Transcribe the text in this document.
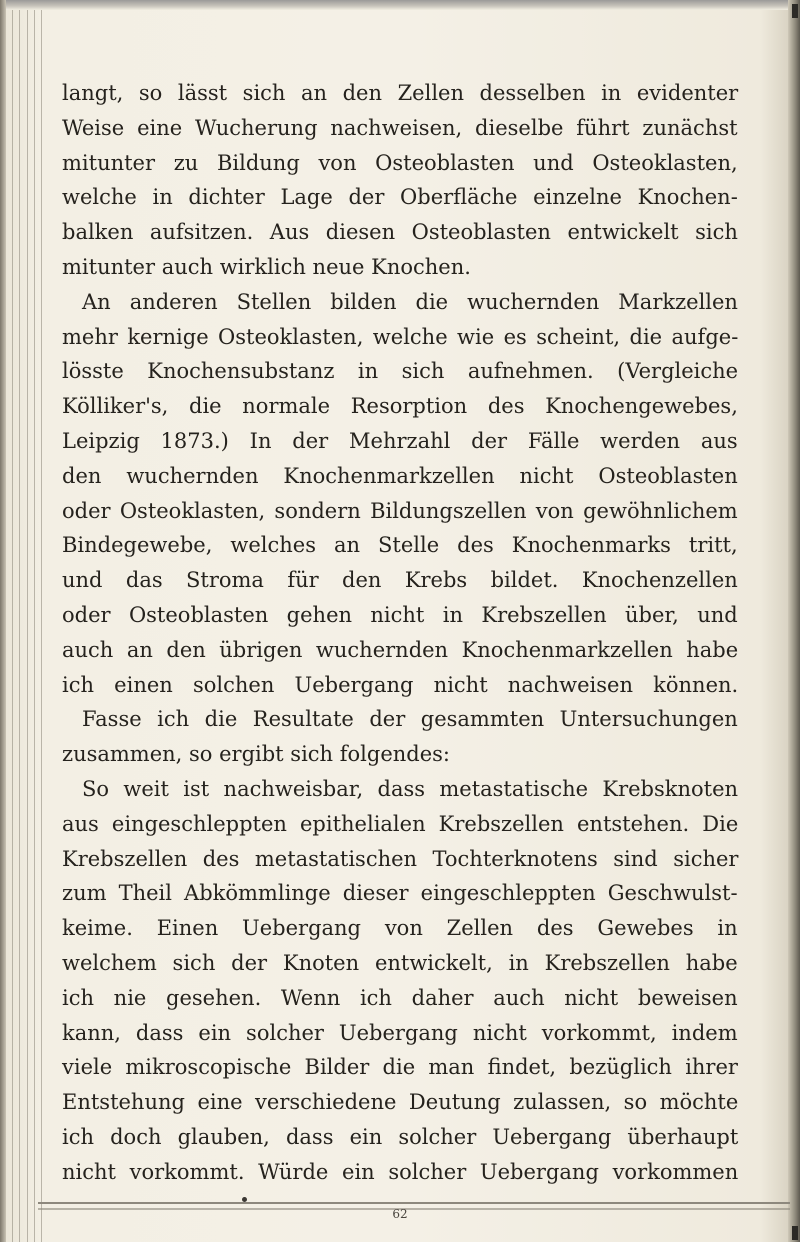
langt, so lässt sich an den Zellen desselben in evidenter
Weise eine Wucherung nachweisen, dieselbe führt zunächst
mitunter zu Bildung von Osteoblasten und Osteoklasten,
welche in dichter Lage der Oberfläche einzelne Knochen-
balken aufsitzen. Aus diesen Osteoblasten entwickelt sich
mitunter auch wirklich neue Knochen.
An anderen Stellen bilden die wuchernden Markzellen
mehr kernige Osteoklasten, welche wie es scheint, die aufge-
lösste Knochensubstanz in sich aufnehmen. (Vergleiche
Kölliker's, die normale Resorption des Knochengewebes,
Leipzig 1873.) In der Mehrzahl der Fälle werden aus
den wuchernden Knochenmarkzellen nicht Osteoblasten
oder Osteoklasten, sondern Bildungszellen von gewöhnlichem
Bindegewebe, welches an Stelle des Knochenmarks tritt,
und das Stroma für den Krebs bildet. Knochenzellen
oder Osteoblasten gehen nicht in Krebszellen über, und
auch an den übrigen wuchernden Knochenmarkzellen habe
ich einen solchen Uebergang nicht nachweisen können.
Fasse ich die Resultate der gesammten Untersuchungen
zusammen, so ergibt sich folgendes:
So weit ist nachweisbar, dass metastatische Krebsknoten
aus eingeschleppten epithelialen Krebszellen entstehen. Die
Krebszellen des metastatischen Tochterknotens sind sicher
zum Theil Abkömmlinge dieser eingeschleppten Geschwulst-
keime. Einen Uebergang von Zellen des Gewebes in
welchem sich der Knoten entwickelt, in Krebszellen habe
ich nie gesehen. Wenn ich daher auch nicht beweisen
kann, dass ein solcher Uebergang nicht vorkommt, indem
viele mikroscopische Bilder die man findet, bezüglich ihrer
Entstehung eine verschiedene Deutung zulassen, so möchte
ich doch glauben, dass ein solcher Uebergang überhaupt
nicht vorkommt. Würde ein solcher Uebergang vorkommen
62
